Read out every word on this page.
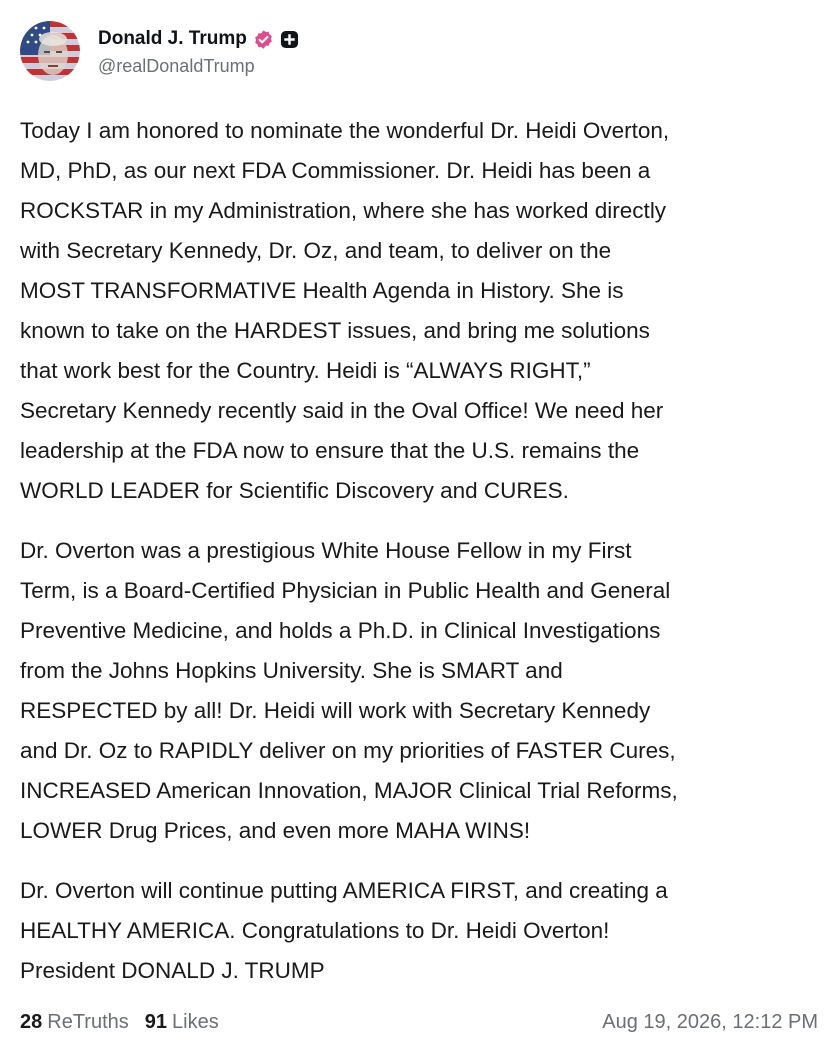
Donald J. Trump
@realDonaldTrump

Today I am honored to nominate the wonderful Dr. Heidi Overton,
MD, PhD, as our next FDA Commissioner. Dr. Heidi has been a
ROCKSTAR in my Administration, where she has worked directly
with Secretary Kennedy, Dr. Oz, and team, to deliver on the
MOST TRANSFORMATIVE Health Agenda in History. She is
known to take on the HARDEST issues, and bring me solutions
that work best for the Country. Heidi is “ALWAYS RIGHT,”
Secretary Kennedy recently said in the Oval Office! We need her
leadership at the FDA now to ensure that the U.S. remains the
WORLD LEADER for Scientific Discovery and CURES.

Dr. Overton was a prestigious White House Fellow in my First
Term, is a Board-Certified Physician in Public Health and General
Preventive Medicine, and holds a Ph.D. in Clinical Investigations
from the Johns Hopkins University. She is SMART and
RESPECTED by all! Dr. Heidi will work with Secretary Kennedy
and Dr. Oz to RAPIDLY deliver on my priorities of FASTER Cures,
INCREASED American Innovation, MAJOR Clinical Trial Reforms,
LOWER Drug Prices, and even more MAHA WINS!

Dr. Overton will continue putting AMERICA FIRST, and creating a
HEALTHY AMERICA. Congratulations to Dr. Heidi Overton!
President DONALD J. TRUMP

28 ReTruths 91 Likes	Aug 19, 2026, 12:12 PM
